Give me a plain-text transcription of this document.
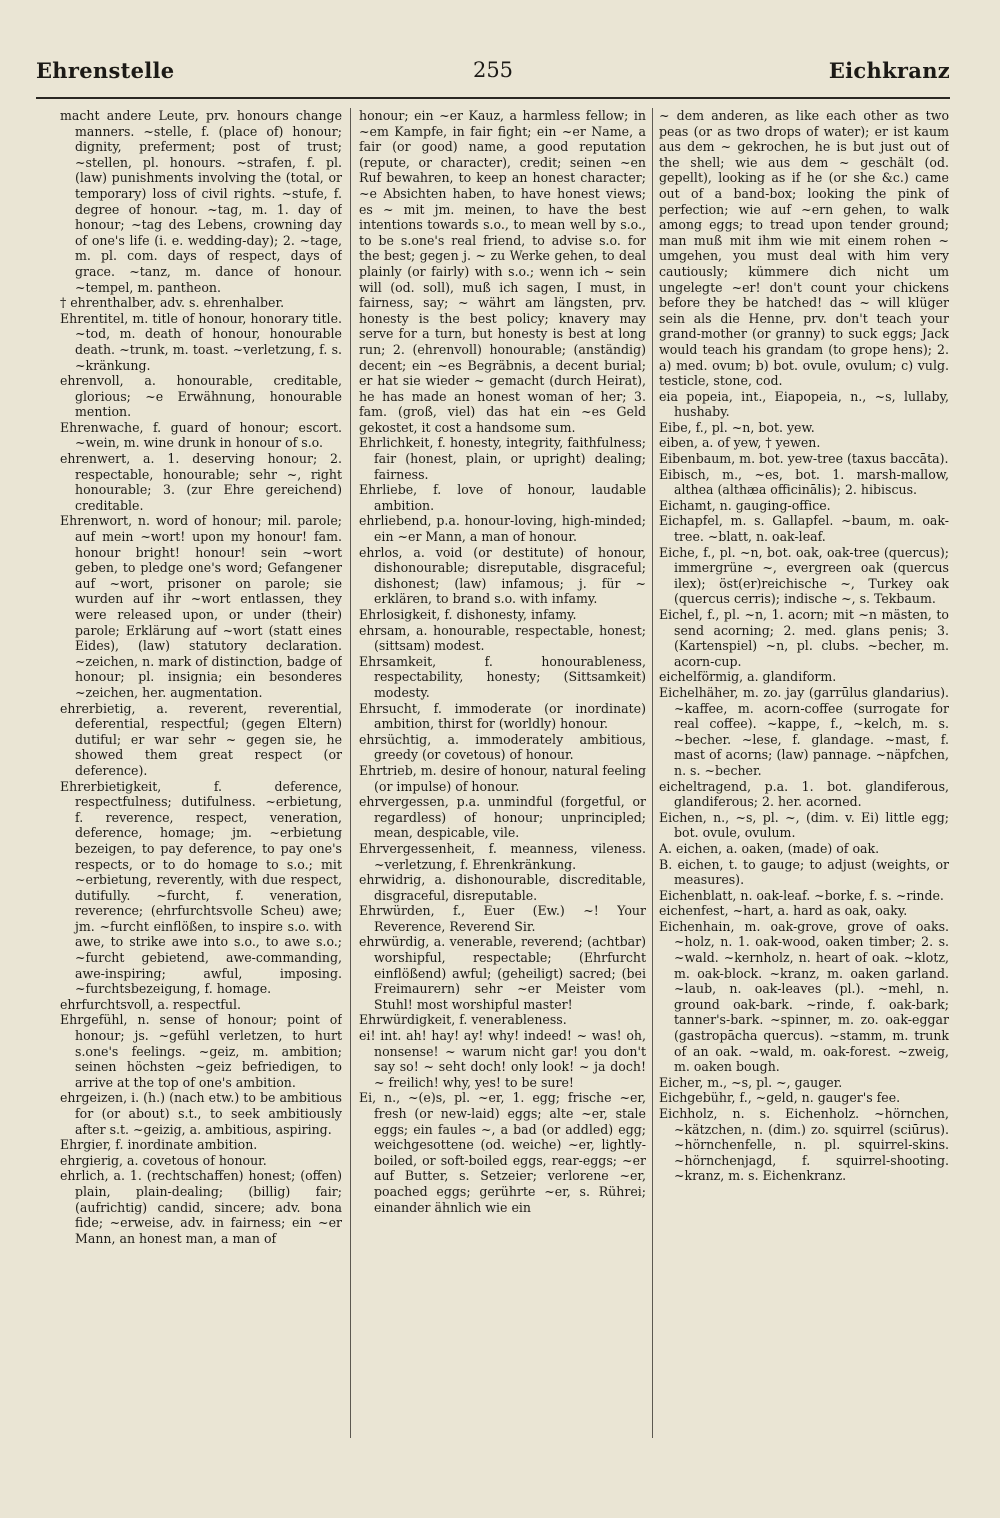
Ehrenstelle	255	Eichkranz
macht andere Leute, prv. honours change manners. ~stelle, f. (place of) honour; dignity, preferment; post of trust; ~stellen, pl. honours. ~strafen, f. pl. (law) punishments involving the (total, or temporary) loss of civil rights. ~stufe, f. degree of honour. ~tag, m. 1. day of honour; ~tag des Lebens, crowning day of one's life (i. e. wedding-day); 2. ~tage, m. pl. com. days of respect, days of grace. ~tanz, m. dance of honour. ~tempel, m. pantheon.
† ehrenthalber, adv. s. ehrenhalber.
Ehrentitel, m. title of honour, honorary title. ~tod, m. death of honour, honourable death. ~trunk, m. toast. ~verletzung, f. s. ~kränkung.
ehrenvoll, a. honourable, creditable, glorious; ~e Erwähnung, honourable mention.
Ehrenwache, f. guard of honour; escort. ~wein, m. wine drunk in honour of s.o.
ehrenwert, a. 1. deserving honour; 2. respectable, honourable; sehr ~, right honourable; 3. (zur Ehre gereichend) creditable.
Ehrenwort, n. word of honour; mil. parole; auf mein ~wort! upon my honour! fam. honour bright! honour! sein ~wort geben, to pledge one's word; Gefangener auf ~wort, prisoner on parole; sie wurden auf ihr ~wort entlassen, they were released upon, or under (their) parole; Erklärung auf ~wort (statt eines Eides), (law) statutory declaration. ~zeichen, n. mark of distinction, badge of honour; pl. insignia; ein besonderes ~zeichen, her. augmentation.
ehrerbietig, a. reverent, reverential, deferential, respectful; (gegen Eltern) dutiful; er war sehr ~ gegen sie, he showed them great respect (or deference).
Ehrerbietigkeit, f. deference, respectfulness; dutifulness. ~erbietung, f. reverence, respect, veneration, deference, homage; jm. ~erbietung bezeigen, to pay deference, to pay one's respects, or to do homage to s.o.; mit ~erbietung, reverently, with due respect, dutifully. ~furcht, f. veneration, reverence; (ehrfurchtsvolle Scheu) awe; jm. ~furcht einflößen, to inspire s.o. with awe, to strike awe into s.o., to awe s.o.; ~furcht gebietend, awe-commanding, awe-inspiring; awful, imposing. ~furchtsbezeigung, f. homage.
ehrfurchtsvoll, a. respectful.
Ehrgefühl, n. sense of honour; point of honour; js. ~gefühl verletzen, to hurt s.one's feelings. ~geiz, m. ambition; seinen höchsten ~geiz befriedigen, to arrive at the top of one's ambition.
ehrgeizen, i. (h.) (nach etw.) to be ambitious for (or about) s.t., to seek ambitiously after s.t. ~geizig, a. ambitious, aspiring.
Ehrgier, f. inordinate ambition.
ehrgierig, a. covetous of honour.
ehrlich, a. 1. (rechtschaffen) honest; (offen) plain, plain-dealing; (billig) fair; (aufrichtig) candid, sincere; adv. bona fide; ~erweise, adv. in fairness; ein ~er Mann, an honest man, a man of
honour; ein ~er Kauz, a harmless fellow; in ~em Kampfe, in fair fight; ein ~er Name, a fair (or good) name, a good reputation (repute, or character), credit; seinen ~en Ruf bewahren, to keep an honest character; ~e Absichten haben, to have honest views; es ~ mit jm. meinen, to have the best intentions towards s.o., to mean well by s.o., to be s.one's real friend, to advise s.o. for the best; gegen j. ~ zu Werke gehen, to deal plainly (or fairly) with s.o.; wenn ich ~ sein will (od. soll), muß ich sagen, I must, in fairness, say; ~ währt am längsten, prv. honesty is the best policy; knavery may serve for a turn, but honesty is best at long run; 2. (ehrenvoll) honourable; (anständig) decent; ein ~es Begräbnis, a decent burial; er hat sie wieder ~ gemacht (durch Heirat), he has made an honest woman of her; 3. fam. (groß, viel) das hat ein ~es Geld gekostet, it cost a handsome sum.
Ehrlichkeit, f. honesty, integrity, faithfulness; fair (honest, plain, or upright) dealing; fairness.
Ehrliebe, f. love of honour, laudable ambition.
ehrliebend, p.a. honour-loving, high-minded; ein ~er Mann, a man of honour.
ehrlos, a. void (or destitute) of honour, dishonourable; disreputable, disgraceful; dishonest; (law) infamous; j. für ~ erklären, to brand s.o. with infamy.
Ehrlosigkeit, f. dishonesty, infamy.
ehrsam, a. honourable, respectable, honest; (sittsam) modest.
Ehrsamkeit, f. honourableness, respectability, honesty; (Sittsamkeit) modesty.
Ehrsucht, f. immoderate (or inordinate) ambition, thirst for (worldly) honour.
ehrsüchtig, a. immoderately ambitious, greedy (or covetous) of honour.
Ehrtrieb, m. desire of honour, natural feeling (or impulse) of honour.
ehrvergessen, p.a. unmindful (forgetful, or regardless) of honour; unprincipled; mean, despicable, vile.
Ehrvergessenheit, f. meanness, vileness. ~verletzung, f. Ehrenkränkung.
ehrwidrig, a. dishonourable, discreditable, disgraceful, disreputable.
Ehrwürden, f., Euer (Ew.) ~! Your Reverence, Reverend Sir.
ehrwürdig, a. venerable, reverend; (achtbar) worshipful, respectable; (Ehrfurcht einflößend) awful; (geheiligt) sacred; (bei Freimaurern) sehr ~er Meister vom Stuhl! most worshipful master!
Ehrwürdigkeit, f. venerableness.
ei! int. ah! hay! ay! why! indeed! ~ was! oh, nonsense! ~ warum nicht gar! you don't say so! ~ seht doch! only look! ~ ja doch! ~ freilich! why, yes! to be sure!
Ei, n., ~(e)s, pl. ~er, 1. egg; frische ~er, fresh (or new-laid) eggs; alte ~er, stale eggs; ein faules ~, a bad (or addled) egg; weichgesottene (od. weiche) ~er, lightly-boiled, or soft-boiled eggs, rear-eggs; ~er auf Butter, s. Setzeier; verlorene ~er, poached eggs; gerührte ~er, s. Rührei; einander ähnlich wie ein
~ dem anderen, as like each other as two peas (or as two drops of water); er ist kaum aus dem ~ gekrochen, he is but just out of the shell; wie aus dem ~ geschält (od. gepellt), looking as if he (or she &c.) came out of a band-box; looking the pink of perfection; wie auf ~ern gehen, to walk among eggs; to tread upon tender ground; man muß mit ihm wie mit einem rohen ~ umgehen, you must deal with him very cautiously; kümmere dich nicht um ungelegte ~er! don't count your chickens before they be hatched! das ~ will klüger sein als die Henne, prv. don't teach your grand-mother (or granny) to suck eggs; Jack would teach his grandam (to grope hens); 2. a) med. ovum; b) bot. ovule, ovulum; c) vulg. testicle, stone, cod.
eia popeia, int., Eiapopeia, n., ~s, lullaby, hushaby.
Eibe, f., pl. ~n, bot. yew.
eiben, a. of yew, † yewen.
Eibenbaum, m. bot. yew-tree (taxus baccāta).
Eibisch, m., ~es, bot. 1. marsh-mallow, althea (althæa officinālis); 2. hibiscus.
Eichamt, n. gauging-office.
Eichapfel, m. s. Gallapfel. ~baum, m. oak-tree. ~blatt, n. oak-leaf.
Eiche, f., pl. ~n, bot. oak, oak-tree (quercus); immergrüne ~, evergreen oak (quercus ilex); öst(er)reichische ~, Turkey oak (quercus cerris); indische ~, s. Tekbaum.
Eichel, f., pl. ~n, 1. acorn; mit ~n mästen, to send acorning; 2. med. glans penis; 3. (Kartenspiel) ~n, pl. clubs. ~becher, m. acorn-cup.
eichelförmig, a. glandiform.
Eichelhäher, m. zo. jay (garrūlus glandarius). ~kaffee, m. acorn-coffee (surrogate for real coffee). ~kappe, f., ~kelch, m. s. ~becher. ~lese, f. glandage. ~mast, f. mast of acorns; (law) pannage. ~näpfchen, n. s. ~becher.
eicheltragend, p.a. 1. bot. glandiferous, glandiferous; 2. her. acorned.
Eichen, n., ~s, pl. ~, (dim. v. Ei) little egg; bot. ovule, ovulum.
A. eichen, a. oaken, (made) of oak.
B. eichen, t. to gauge; to adjust (weights, or measures).
Eichenblatt, n. oak-leaf. ~borke, f. s. ~rinde.
eichenfest, ~hart, a. hard as oak, oaky.
Eichenhain, m. oak-grove, grove of oaks. ~holz, n. 1. oak-wood, oaken timber; 2. s. ~wald. ~kernholz, n. heart of oak. ~klotz, m. oak-block. ~kranz, m. oaken garland. ~laub, n. oak-leaves (pl.). ~mehl, n. ground oak-bark. ~rinde, f. oak-bark; tanner's-bark. ~spinner, m. zo. oak-eggar (gastropācha quercus). ~stamm, m. trunk of an oak. ~wald, m. oak-forest. ~zweig, m. oaken bough.
Eicher, m., ~s, pl. ~, gauger.
Eichgebühr, f., ~geld, n. gauger's fee.
Eichholz, n. s. Eichenholz. ~hörnchen, ~kätzchen, n. (dim.) zo. squirrel (sciūrus). ~hörnchenfelle, n. pl. squirrel-skins. ~hörnchenjagd, f. squirrel-shooting. ~kranz, m. s. Eichenkranz.
